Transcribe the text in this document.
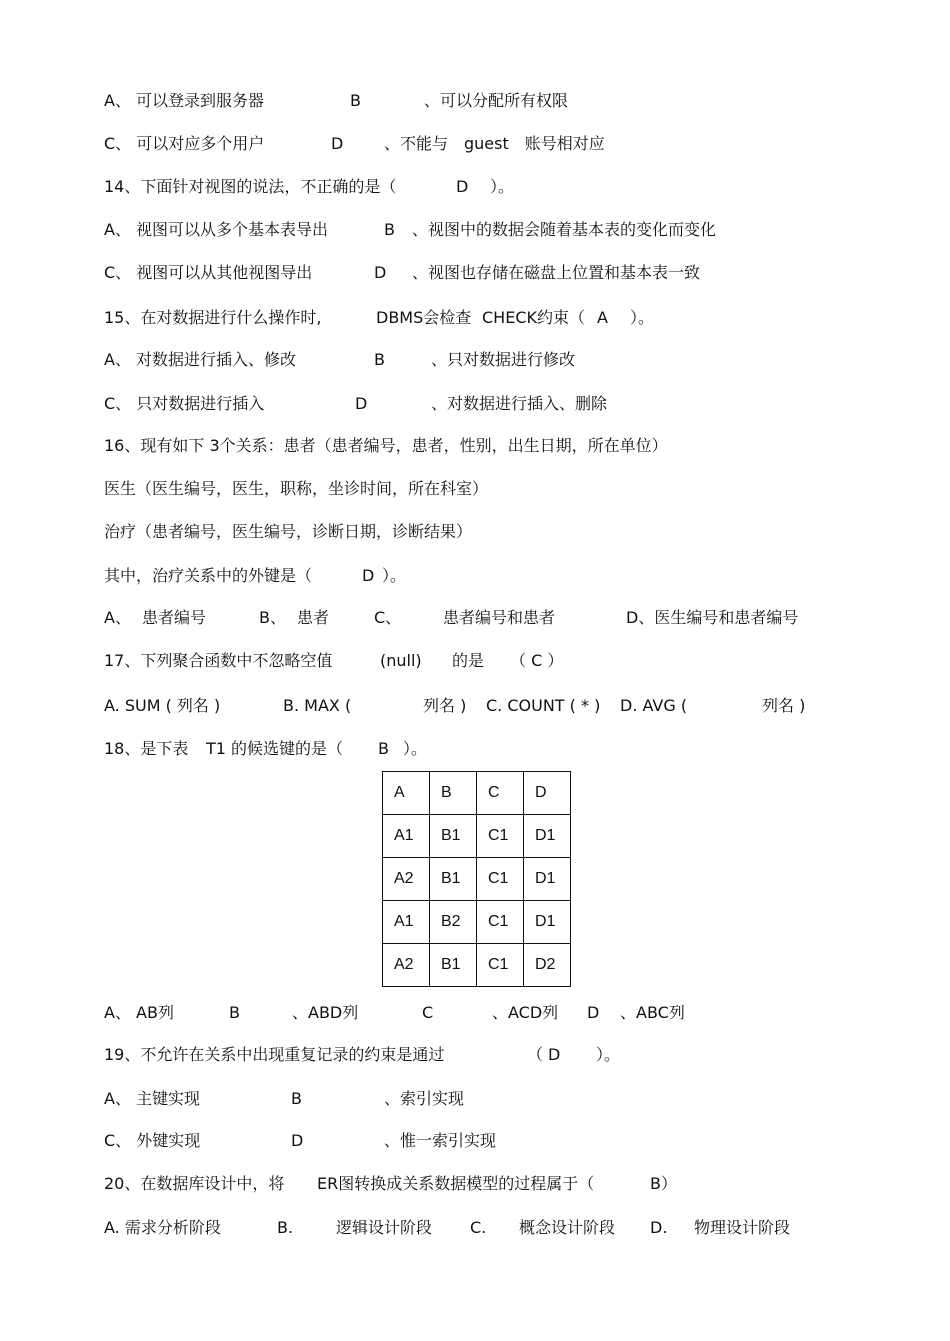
A、 可以登录到服务器	B	、可以分配所有权限
C、 可以对应多个用户	D	、不能与　guest　账号相对应
14、下面针对视图的说法，不正确的是（	D ）。
A、 视图可以从多个基本表导出	B 、视图中的数据会随着基本表的变化而变化
C、 视图可以从其他视图导出	D 、视图也存储在磁盘上位置和基本表一致
15、在对数据进行什么操作时,	DBMS会检查 CHECK约束（ A ）。
A、 对数据进行插入、修改	B	、只对数据进行修改
C、 只对数据进行插入	D	、对数据进行插入、删除
16、现有如下 3个关系：患者（患者编号，患者，性别，出生日期，所在单位）
医生（医生编号，医生，职称，坐诊时间，所在科室）
治疗（患者编号，医生编号，诊断日期，诊断结果）
其中，治疗关系中的外键是（	D ）。
A、 患者编号	B、 患者	C、	患者编号和患者	D、医生编号和患者编号
17、下列聚合函数中不忽略空值	(null) 的是 （ C ）
A. SUM ( 列名 )	B. MAX (	列名 ) C. COUNT ( * ) D. AVG (	列名 )
18、是下表 T1 的候选键的是（ B ）。
A	B	C	D
A1	B1	C1	D1
A2	B1	C1	D1
A1	B2	C1	D1
A2	B1	C1	D2
A、 AB列	B	、ABD列	C	、ACD列 D 、ABC列
19、不允许在关系中出现重复记录的约束是通过	（ D ）。
A、 主键实现	B	、索引实现
C、 外键实现	D	、惟一索引实现
20、在数据库设计中，将 ER图转换成关系数据模型的过程属于（	B）
A. 需求分析阶段	B.	逻辑设计阶段 C. 概念设计阶段 D. 物理设计阶段
